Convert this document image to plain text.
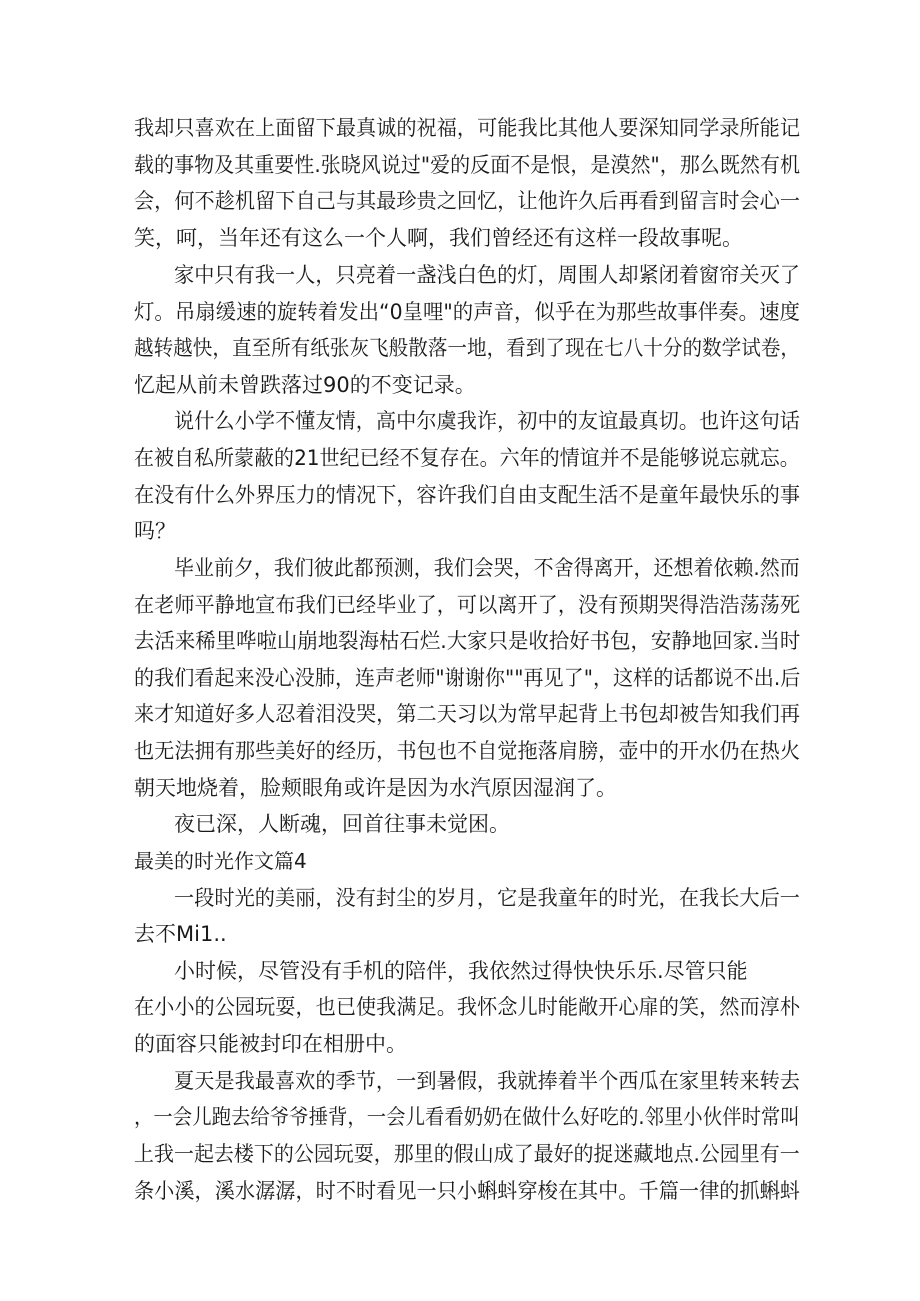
我却只喜欢在上面留下最真诚的祝福，可能我比其他人要深知同学录所能记
载的事物及其重要性.张晓风说过"爱的反面不是恨，是漠然"，那么既然有机
会，何不趁机留下自己与其最珍贵之回忆，让他许久后再看到留言时会心一
笑，呵，当年还有这么一个人啊，我们曾经还有这样一段故事呢。
家中只有我一人，只亮着一盏浅白色的灯，周围人却紧闭着窗帘关灭了
灯。吊扇缓速的旋转着发出“0皇哩"的声音，似乎在为那些故事伴奏。速度
越转越快，直至所有纸张灰飞般散落一地，看到了现在七八十分的数学试卷，
忆起从前未曾跌落过90的不变记录。
说什么小学不懂友情，高中尔虞我诈，初中的友谊最真切。也许这句话
在被自私所蒙蔽的21世纪已经不复存在。六年的情谊并不是能够说忘就忘。
在没有什么外界压力的情况下，容许我们自由支配生活不是童年最快乐的事
吗？
毕业前夕，我们彼此都预测，我们会哭，不舍得离开，还想着依赖.然而
在老师平静地宣布我们已经毕业了，可以离开了，没有预期哭得浩浩荡荡死
去活来稀里哗啦山崩地裂海枯石烂.大家只是收拾好书包，安静地回家.当时
的我们看起来没心没肺，连声老师"谢谢你""再见了"，这样的话都说不出.后
来才知道好多人忍着泪没哭，第二天习以为常早起背上书包却被告知我们再
也无法拥有那些美好的经历，书包也不自觉拖落肩膀，壶中的开水仍在热火
朝天地烧着，脸颊眼角或许是因为水汽原因湿润了。
夜已深，人断魂，回首往事未觉困。
最美的时光作文篇4
一段时光的美丽，没有封尘的岁月，它是我童年的时光，在我长大后一
去不Mi1..
小时候，尽管没有手机的陪伴，我依然过得快快乐乐.尽管只能
在小小的公园玩耍，也已使我满足。我怀念儿时能敞开心扉的笑，然而淳朴
的面容只能被封印在相册中。
夏天是我最喜欢的季节，一到暑假，我就捧着半个西瓜在家里转来转去
，一会儿跑去给爷爷捶背，一会儿看看奶奶在做什么好吃的.邻里小伙伴时常叫
上我一起去楼下的公园玩耍，那里的假山成了最好的捉迷藏地点.公园里有一
条小溪，溪水潺潺，时不时看见一只小蝌蚪穿梭在其中。千篇一律的抓蝌蚪
